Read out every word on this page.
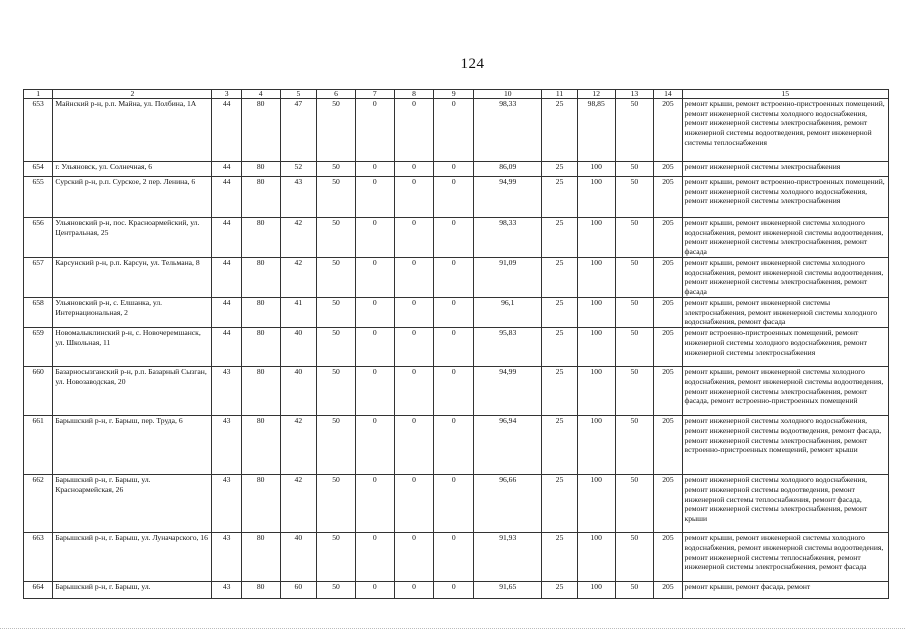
124
1	2	3	4	5	6	7	8	9	10	11	12	13	14	15
653	Майнский р-н, р.п. Майна, ул. Полбина, 1А	44	80	47	50	0	0	0	98,33	25	98,85	50	205	ремонт крыши, ремонт встроенно-пристроенных помещений, ремонт инженерной системы холодного водоснабжения, ремонт инженерной системы электроснабжения, ремонт инженерной системы водоотведения, ремонт инженерной системы теплоснабжения
654	г. Ульяновск, ул. Солнечная, 6	44	80	52	50	0	0	0	86,09	25	100	50	205	ремонт инженерной системы электроснабжения
655	Сурский р-н, р.п. Сурское, 2 пер. Ленина, 6	44	80	43	50	0	0	0	94,99	25	100	50	205	ремонт крыши, ремонт встроенно-пристроенных помещений, ремонт инженерной системы холодного водоснабжения, ремонт инженерной системы электроснабжения
656	Ульяновский р-н, пос. Красноармейский, ул. Центральная, 25	44	80	42	50	0	0	0	98,33	25	100	50	205	ремонт крыши, ремонт инженерной системы холодного водоснабжения, ремонт инженерной системы водоотведения, ремонт инженерной системы электроснабжения, ремонт фасада
657	Карсунский р-н, р.п. Карсун, ул. Тельмана, 8	44	80	42	50	0	0	0	91,09	25	100	50	205	ремонт крыши, ремонт инженерной системы холодного водоснабжения, ремонт инженерной системы водоотведения, ремонт инженерной системы электроснабжения, ремонт фасада
658	Ульяновский р-н, с. Елшанка, ул. Интернациональная, 2	44	80	41	50	0	0	0	96,1	25	100	50	205	ремонт крыши, ремонт инженерной системы электроснабжения, ремонт инженерной системы холодного водоснабжения, ремонт фасада
659	Новомалыклинский р-н, с. Новочеремшанск, ул. Школьная, 11	44	80	40	50	0	0	0	95,83	25	100	50	205	ремонт встроенно-пристроенных помещений, ремонт инженерной системы холодного водоснабжения, ремонт инженерной системы электроснабжения
660	Базарносызганский р-н, р.п. Базарный Сызган, ул. Новозаводская, 20	43	80	40	50	0	0	0	94,99	25	100	50	205	ремонт крыши, ремонт инженерной системы холодного водоснабжения, ремонт инженерной системы водоотведения, ремонт инженерной системы электроснабжения, ремонт фасада, ремонт встроенно-пристроенных помещений
661	Барышский р-н, г. Барыш, пер. Труда, 6	43	80	42	50	0	0	0	96,94	25	100	50	205	ремонт инженерной системы холодного водоснабжения, ремонт инженерной системы водоотведения, ремонт фасада, ремонт инженерной системы электроснабжения, ремонт встроенно-пристроенных помещений, ремонт крыши
662	Барышский р-н, г. Барыш, ул. Красноармейская, 26	43	80	42	50	0	0	0	96,66	25	100	50	205	ремонт инженерной системы холодного водоснабжения, ремонт инженерной системы водоотведения, ремонт инженерной системы теплоснабжения, ремонт фасада, ремонт инженерной системы электроснабжения, ремонт крыши
663	Барышский р-н, г. Барыш, ул. Луначарского, 16	43	80	40	50	0	0	0	91,93	25	100	50	205	ремонт крыши, ремонт инженерной системы холодного водоснабжения, ремонт инженерной системы водоотведения, ремонт инженерной системы теплоснабжения, ремонт инженерной системы электроснабжения, ремонт фасада
664	Барышский р-н, г. Барыш, ул.	43	80	60	50	0	0	0	91,65	25	100	50	205	ремонт крыши, ремонт фасада, ремонт
